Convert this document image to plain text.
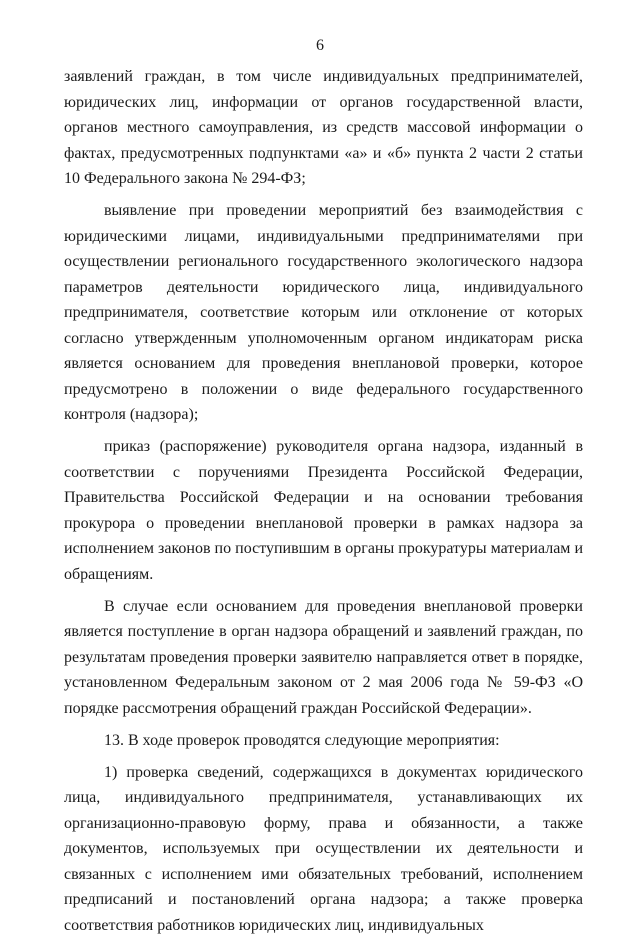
6

заявлений граждан, в том числе индивидуальных предпринимателей, юридических лиц, информации от органов государственной власти, органов местного самоуправления, из средств массовой информации о фактах, предусмотренных подпунктами «а» и «б» пункта 2 части 2 статьи 10 Федерального закона № 294-ФЗ;

выявление при проведении мероприятий без взаимодействия с юридическими лицами, индивидуальными предпринимателями при осуществлении регионального государственного экологического надзора параметров деятельности юридического лица, индивидуального предпринимателя, соответствие которым или отклонение от которых согласно утвержденным уполномоченным органом индикаторам риска является основанием для проведения внеплановой проверки, которое предусмотрено в положении о виде федерального государственного контроля (надзора);

приказ (распоряжение) руководителя органа надзора, изданный в соответствии с поручениями Президента Российской Федерации, Правительства Российской Федерации и на основании требования прокурора о проведении внеплановой проверки в рамках надзора за исполнением законов по поступившим в органы прокуратуры материалам и обращениям.

В случае если основанием для проведения внеплановой проверки является поступление в орган надзора обращений и заявлений граждан, по результатам проведения проверки заявителю направляется ответ в порядке, установленном Федеральным законом от 2 мая 2006 года № 59-ФЗ «О порядке рассмотрения обращений граждан Российской Федерации».

13. В ходе проверок проводятся следующие мероприятия:

1) проверка сведений, содержащихся в документах юридического лица, индивидуального предпринимателя, устанавливающих их организационно-правовую форму, права и обязанности, а также документов, используемых при осуществлении их деятельности и связанных с исполнением ими обязательных требований, исполнением предписаний и постановлений органа надзора; а также проверка соответствия работников юридических лиц, индивидуальных
